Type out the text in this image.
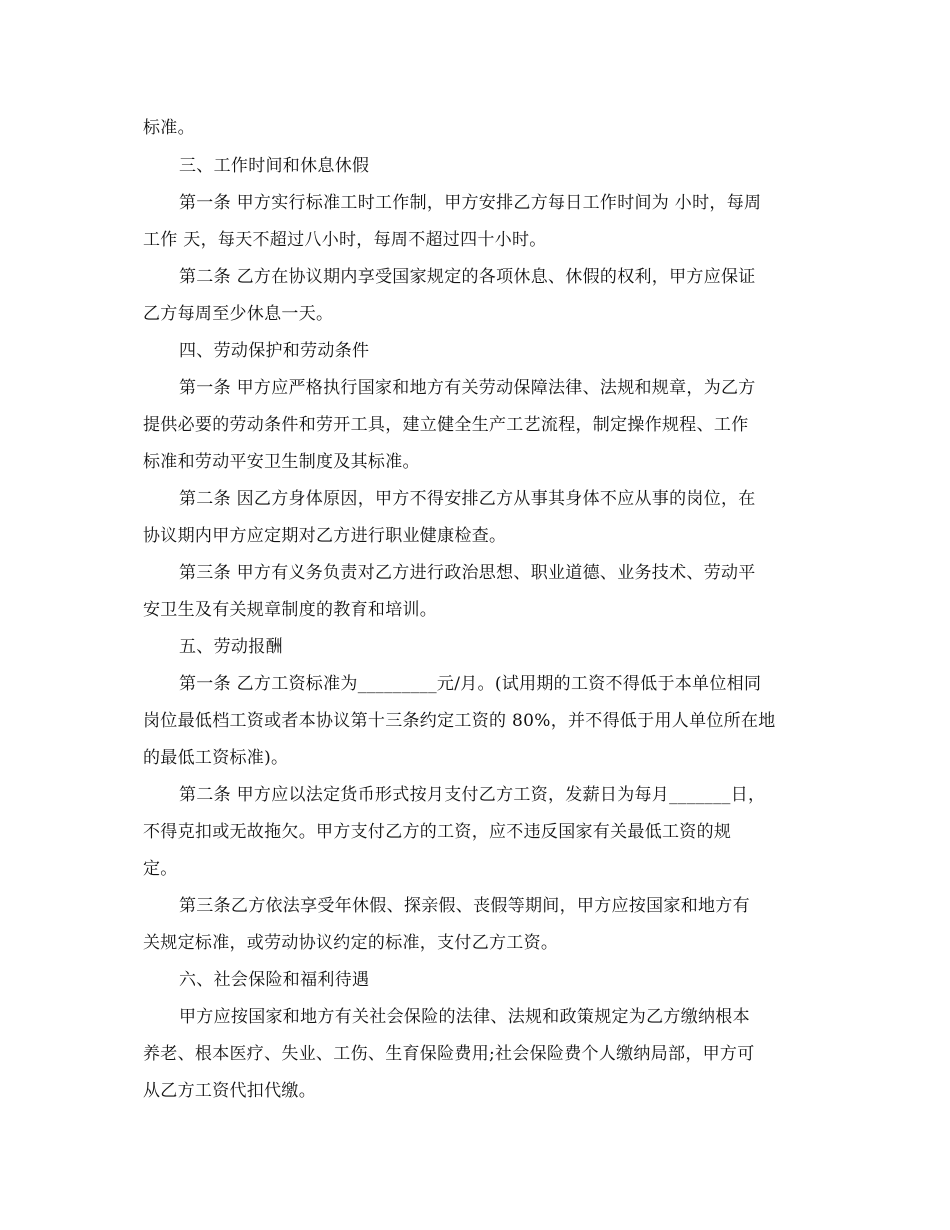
标准。
三、工作时间和休息休假
第一条 甲方实行标准工时工作制，甲方安排乙方每日工作时间为 小时，每周
工作 天，每天不超过八小时，每周不超过四十小时。
第二条 乙方在协议期内享受国家规定的各项休息、休假的权利，甲方应保证
乙方每周至少休息一天。
四、劳动保护和劳动条件
第一条 甲方应严格执行国家和地方有关劳动保障法律、法规和规章，为乙方
提供必要的劳动条件和劳开工具，建立健全生产工艺流程，制定操作规程、工作
标准和劳动平安卫生制度及其标准。
第二条 因乙方身体原因，甲方不得安排乙方从事其身体不应从事的岗位，在
协议期内甲方应定期对乙方进行职业健康检查。
第三条 甲方有义务负责对乙方进行政治思想、职业道德、业务技术、劳动平
安卫生及有关规章制度的教育和培训。
五、劳动报酬
第一条 乙方工资标准为_________元/月。(试用期的工资不得低于本单位相同
岗位最低档工资或者本协议第十三条约定工资的 80%，并不得低于用人单位所在地
的最低工资标准)。
第二条 甲方应以法定货币形式按月支付乙方工资，发薪日为每月_______日，
不得克扣或无故拖欠。甲方支付乙方的工资，应不违反国家有关最低工资的规
定。
第三条乙方依法享受年休假、探亲假、丧假等期间，甲方应按国家和地方有
关规定标准，或劳动协议约定的标准，支付乙方工资。
六、社会保险和福利待遇
甲方应按国家和地方有关社会保险的法律、法规和政策规定为乙方缴纳根本
养老、根本医疗、失业、工伤、生育保险费用;社会保险费个人缴纳局部，甲方可
从乙方工资代扣代缴。
